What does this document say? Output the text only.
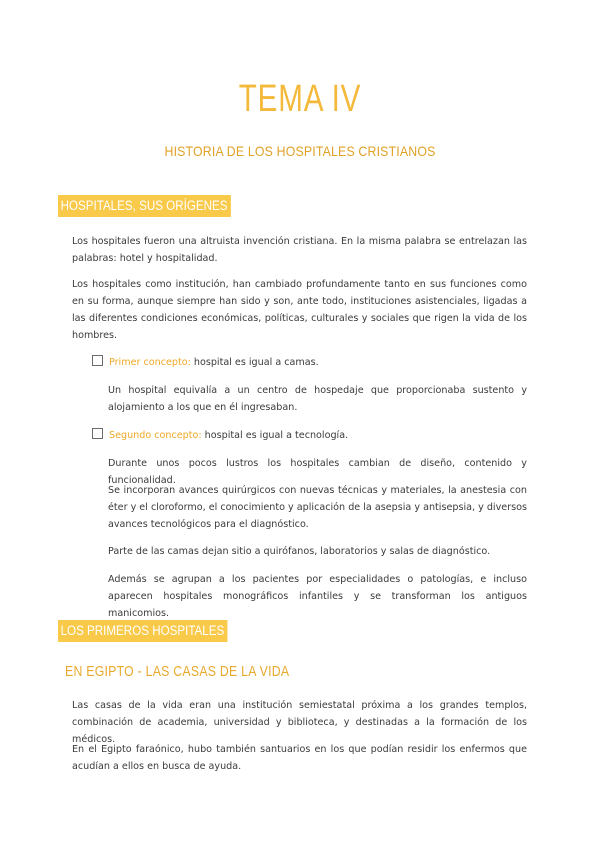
TEMA IV
HISTORIA DE LOS HOSPITALES CRISTIANOS
HOSPITALES, SUS ORÍGENES

Los hospitales fueron una altruista invención cristiana. En la misma palabra se entrelazan las palabras: hotel y hospitalidad.

Los hospitales como institución, han cambiado profundamente tanto en sus funciones como en su forma, aunque siempre han sido y son, ante todo, instituciones asistenciales, ligadas a las diferentes condiciones económicas, políticas, culturales y sociales que rigen la vida de los hombres.

Primer concepto: hospital es igual a camas.

Un hospital equivalía a un centro de hospedaje que proporcionaba sustento y alojamiento a los que en él ingresaban.

Segundo concepto: hospital es igual a tecnología.

Durante unos pocos lustros los hospitales cambian de diseño, contenido y funcionalidad.

Se incorporan avances quirúrgicos con nuevas técnicas y materiales, la anestesia con éter y el cloroformo, el conocimiento y aplicación de la asepsia y antisepsia, y diversos avances tecnológicos para el diagnóstico.

Parte de las camas dejan sitio a quirófanos, laboratorios y salas de diagnóstico.

Además se agrupan a los pacientes por especialidades o patologías, e incluso aparecen hospitales monográficos infantiles y se transforman los antiguos manicomios.

LOS PRIMEROS HOSPITALES
EN EGIPTO - LAS CASAS DE LA VIDA

Las casas de la vida eran una institución semiestatal próxima a los grandes templos, combinación de academia, universidad y biblioteca, y destinadas a la formación de los médicos.

En el Egipto faraónico, hubo también santuarios en los que podían residir los enfermos que acudían a ellos en busca de ayuda.
